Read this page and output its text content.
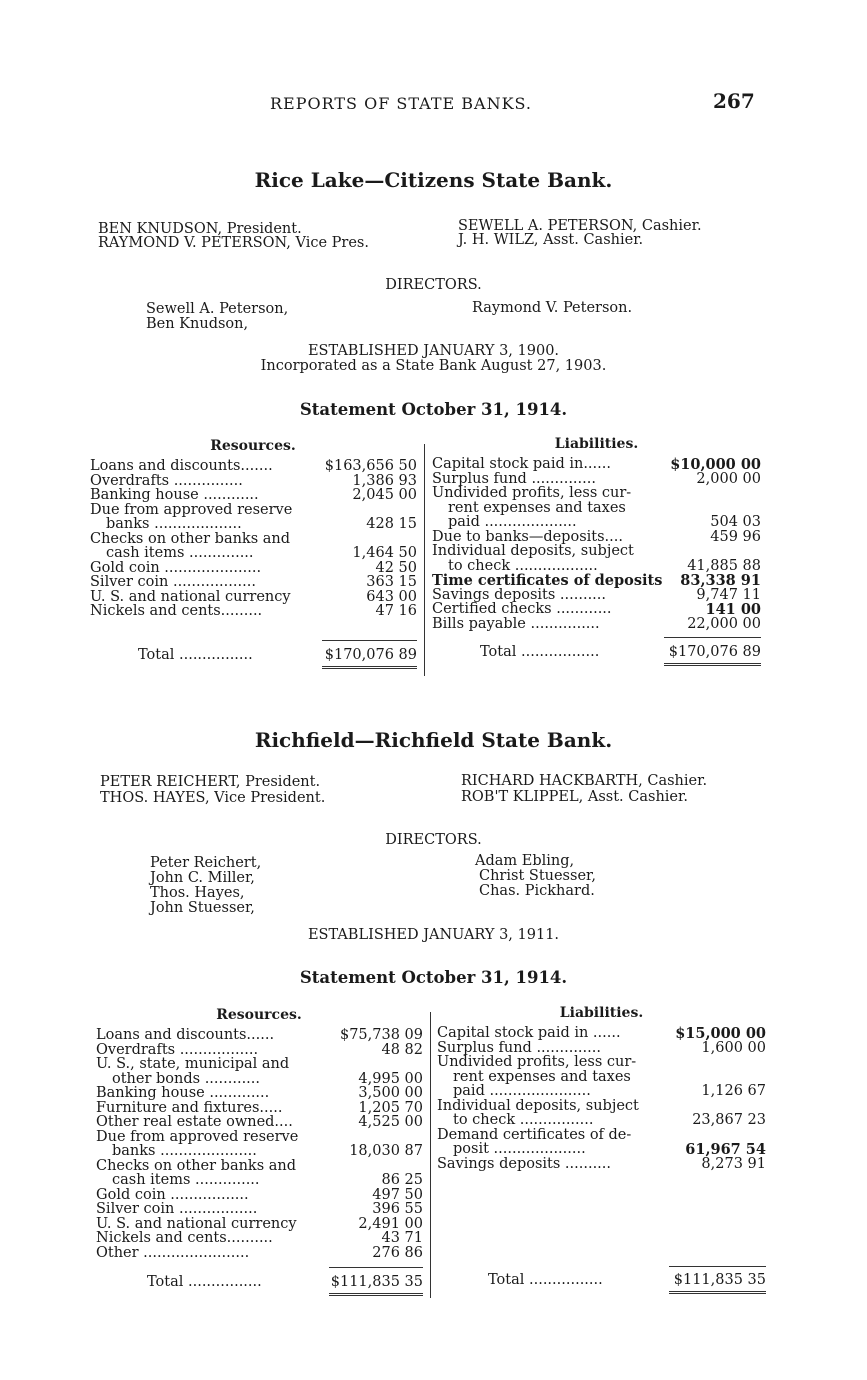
REPORTS OF STATE BANKS.	267
Rice Lake—Citizens State Bank.
BEN KNUDSON, President.
RAYMOND V. PETERSON, Vice Pres.
SEWELL A. PETERSON, Cashier.
J. H. WILZ, Asst. Cashier.
DIRECTORS.
Sewell A. Peterson,
Ben Knudson,
Raymond V. Peterson.
ESTABLISHED JANUARY 3, 1900.
Incorporated as a State Bank August 27, 1903.
Statement October 31, 1914.
Resources.	Liabilities.
Loans and discounts.......	$163,656 50
Overdrafts ...............	1,386 93
Banking house ............	2,045 00
Due from approved reserve
banks ...................	428 15
Checks on other banks and
cash items ..............	1,464 50
Gold coin .....................	42 50
Silver coin ..................	363 15
U. S. and national currency	643 00
Nickels and cents.........	47 16
Total ................	$170,076 89
Capital stock paid in......	$10,000 00
Surplus fund ..............	2,000 00
Undivided profits, less cur-
rent expenses and taxes
paid ....................	504 03
Due to banks—deposits....	459 96
Individual deposits, subject
to check ..................	41,885 88
Time certificates of deposits	83,338 91
Savings deposits ..........	9,747 11
Certified checks ............	141 00
Bills payable ...............	22,000 00
Total .................	$170,076 89
Richfield—Richfield State Bank.
PETER REICHERT, President.
THOS. HAYES, Vice President.
RICHARD HACKBARTH, Cashier.
ROB'T KLIPPEL, Asst. Cashier.
DIRECTORS.
Peter Reichert,
John C. Miller,
Thos. Hayes,
John Stuesser,
Adam Ebling,
Christ Stuesser,
Chas. Pickhard.
ESTABLISHED JANUARY 3, 1911.
Statement October 31, 1914.
Resources.	Liabilities.
Loans and discounts......	$75,738 09
Overdrafts .................	48 82
U. S., state, municipal and
other bonds ............	4,995 00
Banking house .............	3,500 00
Furniture and fixtures.....	1,205 70
Other real estate owned....	4,525 00
Due from approved reserve
banks .....................	18,030 87
Checks on other banks and
cash items ..............	86 25
Gold coin .................	497 50
Silver coin .................	396 55
U. S. and national currency	2,491 00
Nickels and cents..........	43 71
Other .......................	276 86
Total ................	$111,835 35
Capital stock paid in ......	$15,000 00
Surplus fund ..............	1,600 00
Undivided profits, less cur-
rent expenses and taxes
paid ......................	1,126 67
Individual deposits, subject
to check ................	23,867 23
Demand certificates of de-
posit ....................	61,967 54
Savings deposits ..........	8,273 91
Total ................	$111,835 35
